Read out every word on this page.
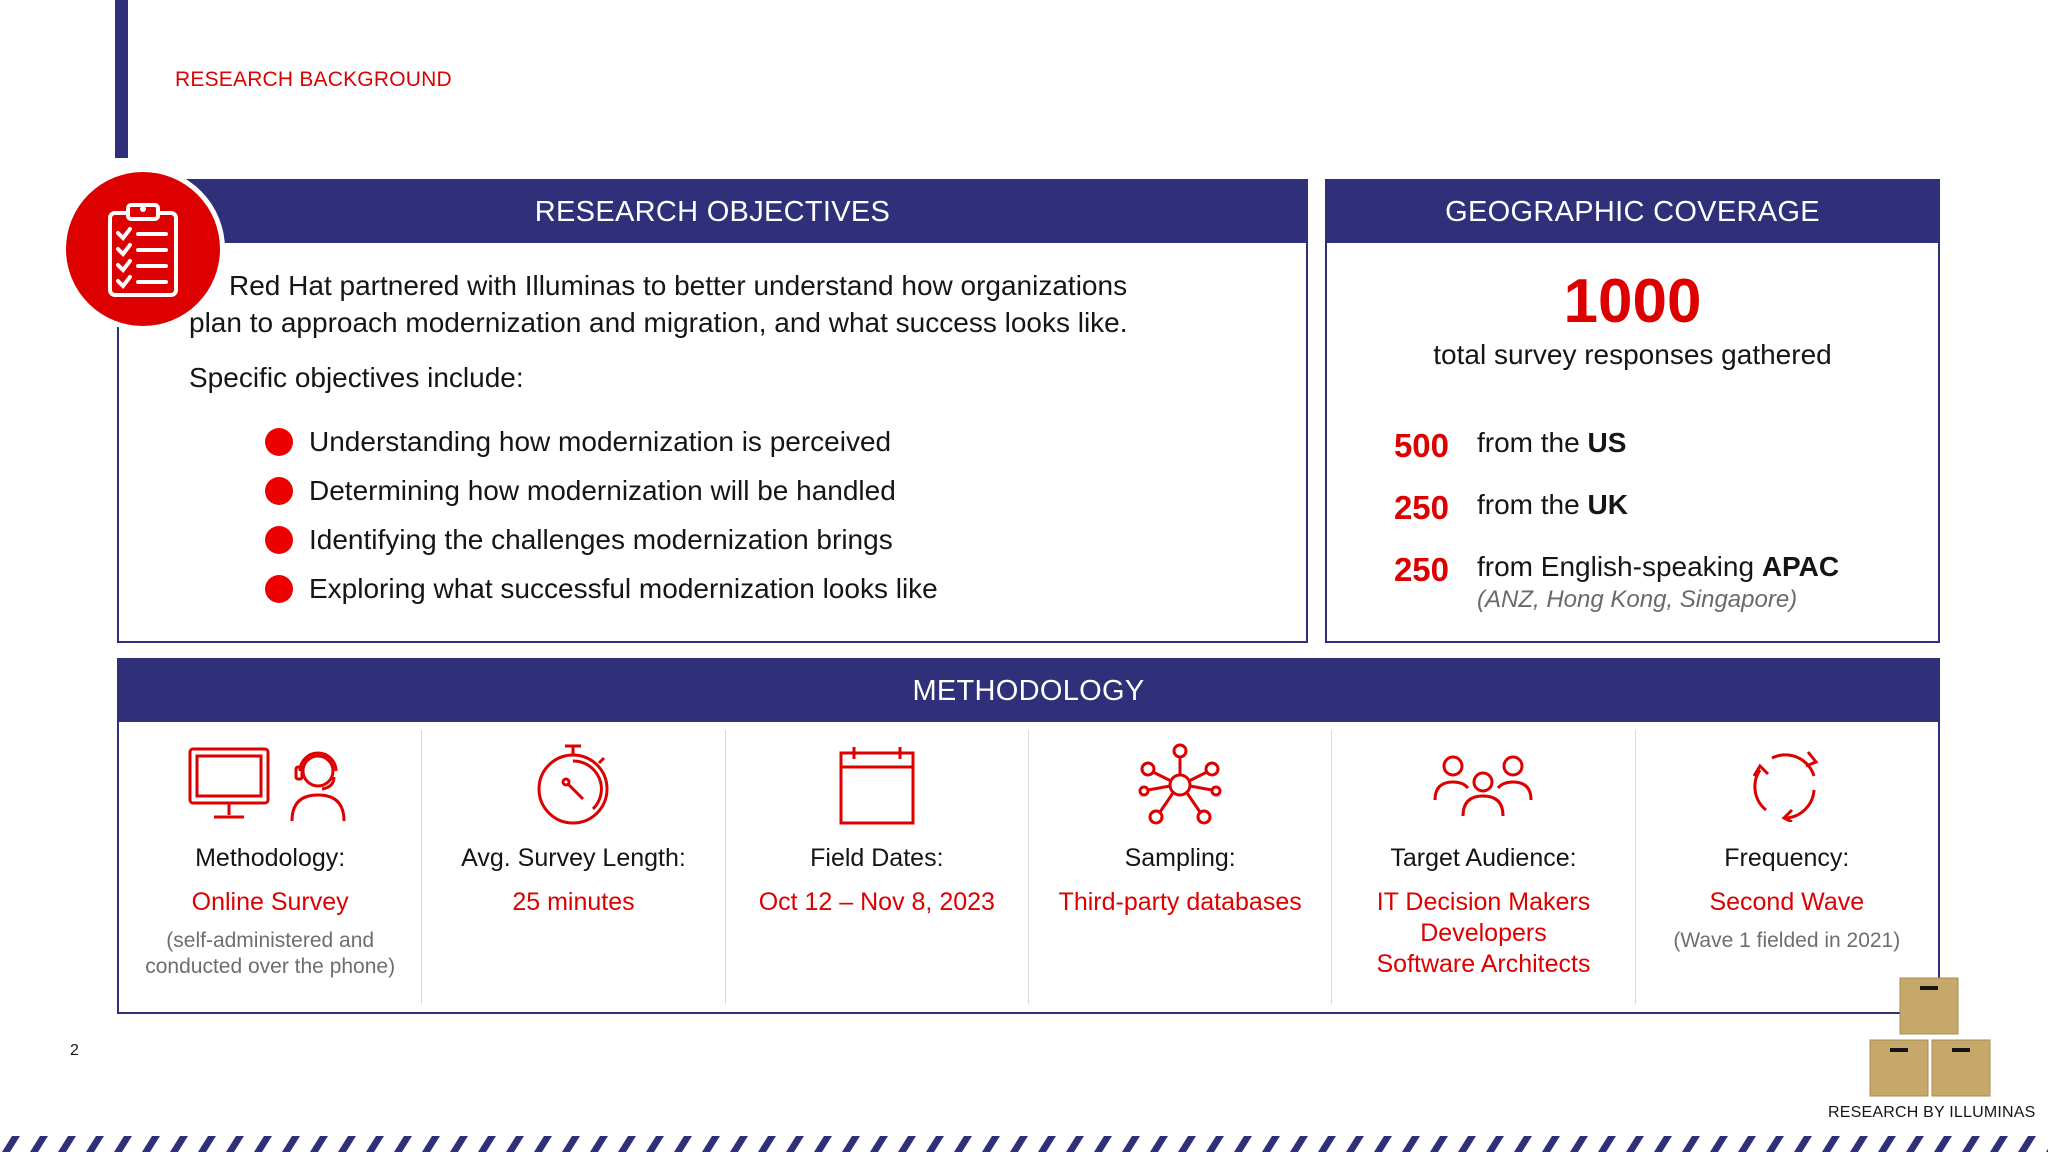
RESEARCH BACKGROUND
RESEARCH OBJECTIVES
Red Hat partnered with Illuminas to better understand how organizations
plan to approach modernization and migration, and what success looks like.
Specific objectives include:
Understanding how modernization is perceived
Determining how modernization will be handled
Identifying the challenges modernization brings
Exploring what successful modernization looks like
GEOGRAPHIC COVERAGE
1000
total survey responses gathered
500 from the US
250 from the UK
250 from English-speaking APAC
(ANZ, Hong Kong, Singapore)
METHODOLOGY
Methodology:
Online Survey
(self-administered and
conducted over the phone)
Avg. Survey Length:
25 minutes
Field Dates:
Oct 12 – Nov 8, 2023
Sampling:
Third-party databases
Target Audience:
IT Decision Makers
Developers
Software Architects
Frequency:
Second Wave
(Wave 1 fielded in 2021)
2
RESEARCH BY ILLUMINAS
